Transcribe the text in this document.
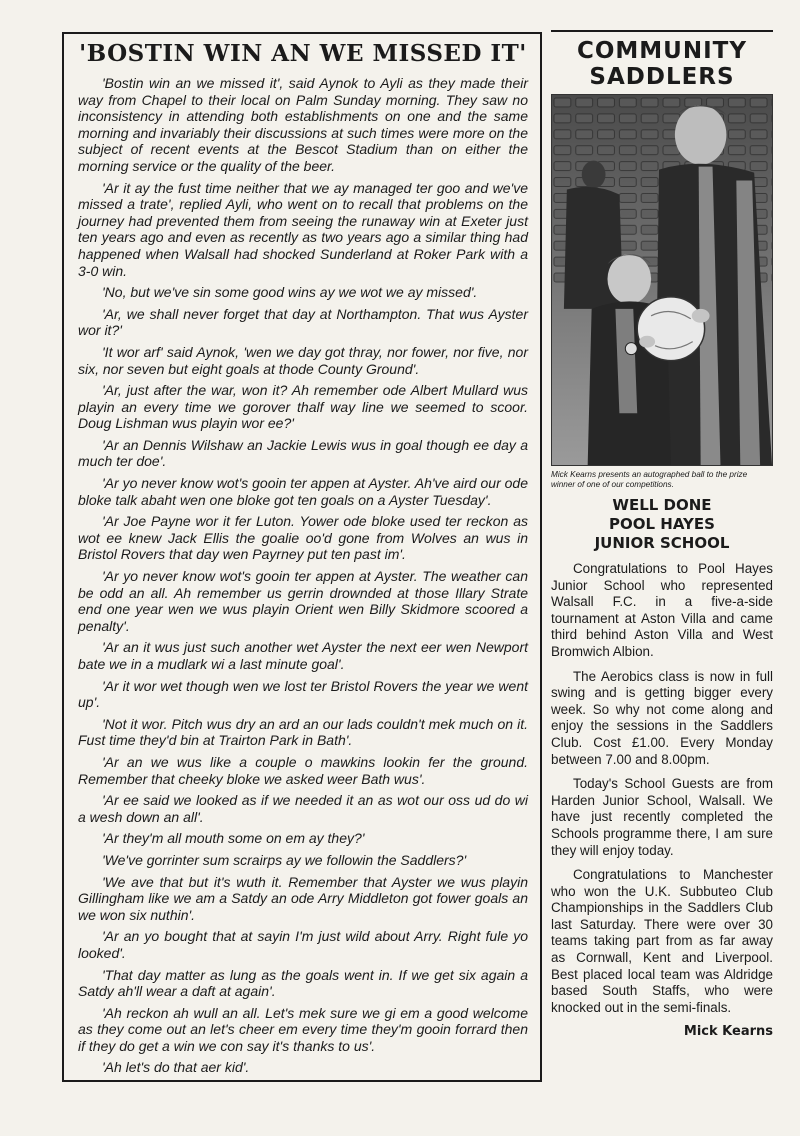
'BOSTIN WIN AN WE MISSED IT'

'Bostin win an we missed it', said Aynok to Ayli as they made their way from Chapel to their local on Palm Sunday morning. They saw no inconsistency in attending both establishments on one and the same morning and invariably their discussions at such times were more on the subject of recent events at the Bescot Stadium than on either the morning service or the quality of the beer.

'Ar it ay the fust time neither that we ay managed ter goo and we've missed a trate', replied Ayli, who went on to recall that problems on the journey had prevented them from seeing the runaway win at Exeter just ten years ago and even as recently as two years ago a similar thing had happened when Walsall had shocked Sunderland at Roker Park with a 3-0 win.

'No, but we've sin some good wins ay we wot we ay missed'.

'Ar, we shall never forget that day at Northampton. That wus Ayster wor it?'

'It wor arf' said Aynok, 'wen we day got thray, nor fower, nor five, nor six, nor seven but eight goals at thode County Ground'.

'Ar, just after the war, won it? Ah remember ode Albert Mullard wus playin an every time we gorover thalf way line we seemed to scoor. Doug Lishman wus playin wor ee?'

'Ar an Dennis Wilshaw an Jackie Lewis wus in goal though ee day a much ter doe'.

'Ar yo never know wot's gooin ter appen at Ayster. Ah've aird our ode bloke talk abaht wen one bloke got ten goals on a Ayster Tuesday'.

'Ar Joe Payne wor it fer Luton. Yower ode bloke used ter reckon as wot ee knew Jack Ellis the goalie oo'd gone from Wolves an wus in Bristol Rovers that day wen Payrney put ten past im'.

'Ar yo never know wot's gooin ter appen at Ayster. The weather can be odd an all. Ah remember us gerrin drownded at those Illary Strate end one year wen we wus playin Orient wen Billy Skidmore scoored a penalty'.

'Ar an it wus just such another wet Ayster the next eer wen Newport bate we in a mudlark wi a last minute goal'.

'Ar it wor wet though wen we lost ter Bristol Rovers the year we went up'.

'Not it wor. Pitch wus dry an ard an our lads couldn't mek much on it. Fust time they'd bin at Trairton Park in Bath'.

'Ar an we wus like a couple o mawkins lookin fer the ground. Remember that cheeky bloke we asked weer Bath wus'.

'Ar ee said we looked as if we needed it an as wot our oss ud do wi a wesh down an all'.

'Ar they'm all mouth some on em ay they?'

'We've gorrinter sum scrairps ay we followin the Saddlers?'

'We ave that but it's wuth it. Remember that Ayster we wus playin Gillingham like we am a Satdy an ode Arry Middleton got fower goals an we won six nuthin'.

'Ar an yo bought that at sayin I'm just wild about Arry. Right fule yo looked'.

'That day matter as lung as the goals went in. If we get six again a Satdy ah'll wear a daft at again'.

'Ah reckon ah wull an all. Let's mek sure we gi em a good welcome as they come out an let's cheer em every time they'm gooin forrard then if they do get a win we con say it's thanks to us'.

'Ah let's do that aer kid'.

COMMUNITY
SADDLERS
Mick Kearns presents an autographed ball to the prize winner of one of our competitions.
WELL DONE
POOL HAYES
JUNIOR SCHOOL

Congratulations to Pool Hayes Junior School who represented Walsall F.C. in a five-a-side tournament at Aston Villa and came third behind Aston Villa and West Bromwich Albion.

The Aerobics class is now in full swing and is getting bigger every week. So why not come along and enjoy the sessions in the Saddlers Club. Cost £1.00. Every Monday between 7.00 and 8.00pm.

Today's School Guests are from Harden Junior School, Walsall. We have just recently completed the Schools programme there, I am sure they will enjoy today.

Congratulations to Manchester who won the U.K. Subbuteo Club Championships in the Saddlers Club last Saturday. There were over 30 teams taking part from as far away as Cornwall, Kent and Liverpool. Best placed local team was Aldridge based South Staffs, who were knocked out in the semi-finals.

Mick Kearns
